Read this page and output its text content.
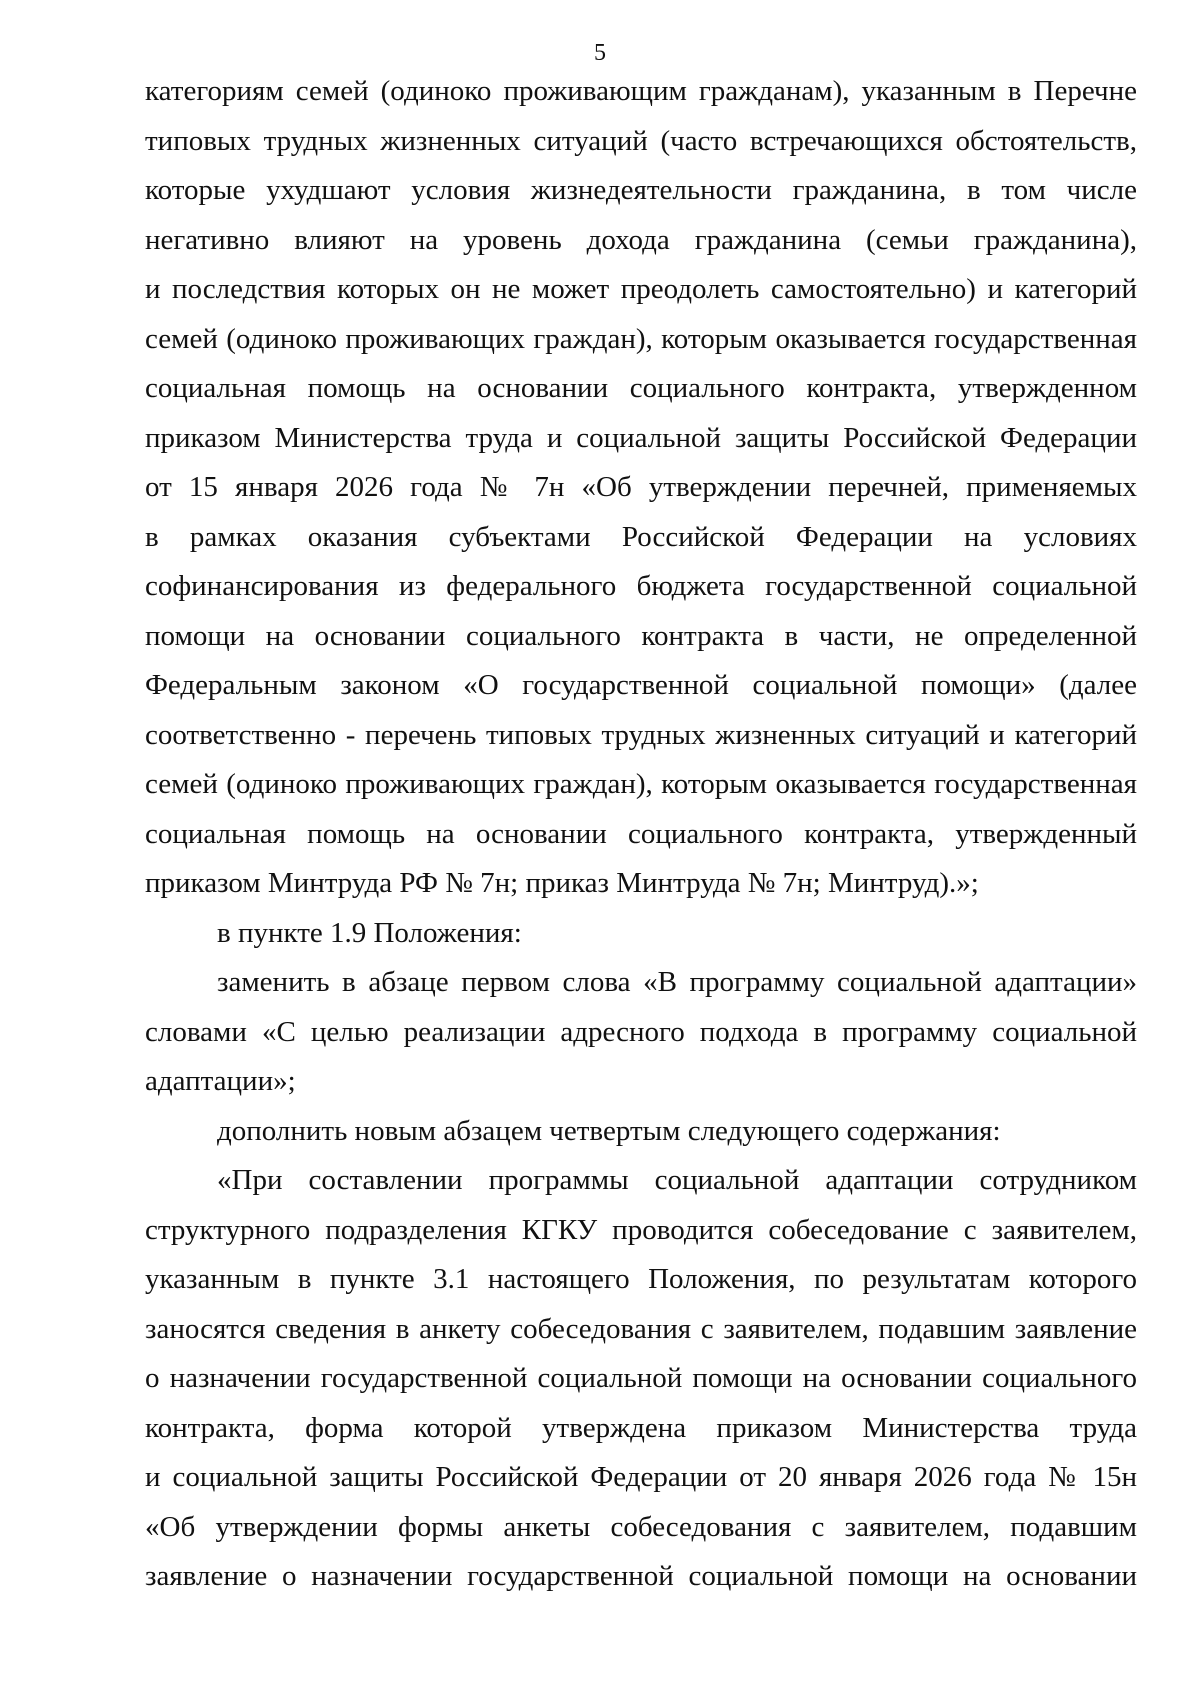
5
категориям семей (одиноко проживающим гражданам), указанным в Перечне
типовых трудных жизненных ситуаций (часто встречающихся обстоятельств,
которые ухудшают условия жизнедеятельности гражданина, в том числе
негативно влияют на уровень дохода гражданина (семьи гражданина),
и последствия которых он не может преодолеть самостоятельно) и категорий
семей (одиноко проживающих граждан), которым оказывается государственная
социальная помощь на основании социального контракта, утвержденном
приказом Министерства труда и социальной защиты Российской Федерации
от 15 января 2026 года № 7н «Об утверждении перечней, применяемых
в рамках оказания субъектами Российской Федерации на условиях
софинансирования из федерального бюджета государственной социальной
помощи на основании социального контракта в части, не определенной
Федеральным законом «О государственной социальной помощи» (далее
соответственно - перечень типовых трудных жизненных ситуаций и категорий
семей (одиноко проживающих граждан), которым оказывается государственная
социальная помощь на основании социального контракта, утвержденный
приказом Минтруда РФ № 7н; приказ Минтруда № 7н; Минтруд).»;
в пункте 1.9 Положения:
заменить в абзаце первом слова «В программу социальной адаптации»
словами «С целью реализации адресного подхода в программу социальной
адаптации»;
дополнить новым абзацем четвертым следующего содержания:
«При составлении программы социальной адаптации сотрудником
структурного подразделения КГКУ проводится собеседование с заявителем,
указанным в пункте 3.1 настоящего Положения, по результатам которого
заносятся сведения в анкету собеседования с заявителем, подавшим заявление
о назначении государственной социальной помощи на основании социального
контракта, форма которой утверждена приказом Министерства труда
и социальной защиты Российской Федерации от 20 января 2026 года № 15н
«Об утверждении формы анкеты собеседования с заявителем, подавшим
заявление о назначении государственной социальной помощи на основании
